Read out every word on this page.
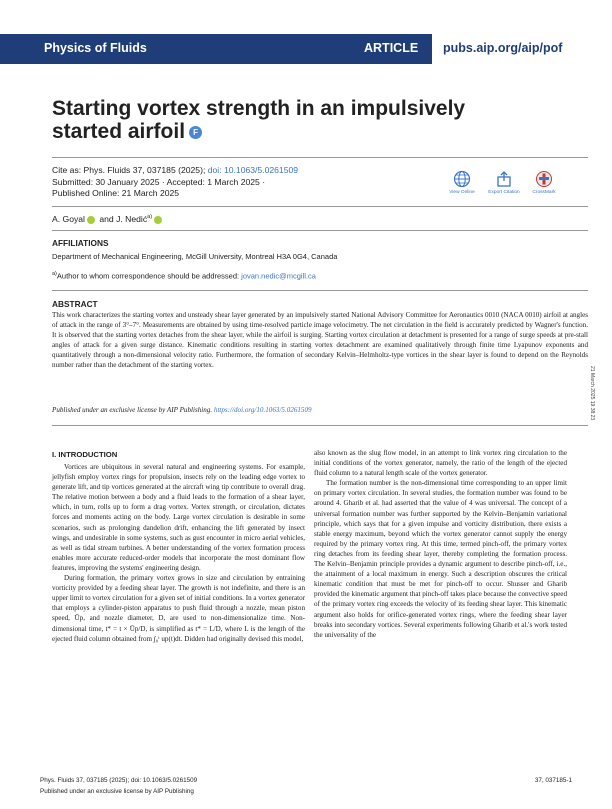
Physics of Fluids	ARTICLE pubs.aip.org/aip/pof
Starting vortex strength in an impulsively started airfoil F
Cite as: Phys. Fluids 37, 037185 (2025); doi: 10.1063/5.0261509
Submitted: 30 January 2025 · Accepted: 1 March 2025 ·
Published Online: 21 March 2025	View Online	Export Citation	CrossMark
A. Goyal and J. Nedić$^{a)}$
AFFILIATIONS
Department of Mechanical Engineering, McGill University, Montreal H3A 0G4, Canada
$^{a)}$Author to whom correspondence should be addressed: jovan.nedic@mcgill.ca
ABSTRACT
This work characterizes the starting vortex and unsteady shear layer generated by an impulsively started National Advisory Committee for Aeronautics 0010 (NACA 0010) airfoil at angles of attack in the range of 3°–7°. Measurements are obtained by using time-resolved particle image velocimetry. The net circulation in the field is accurately predicted by Wagner's function. It is observed that the starting vortex detaches from the shear layer, while the airfoil is surging. Starting vortex circulation at detachment is presented for a range of surge speeds at pre-stall angles of attack for a given surge distance. Kinematic conditions resulting in starting vortex detachment are examined qualitatively through finite time Lyapunov exponents and quantitatively through a non-dimensional velocity ratio. Furthermore, the formation of secondary Kelvin–Helmholtz-type vortices in the shear layer is found to depend on the Reynolds number rather than the detachment of the starting vortex.
Published under an exclusive license by AIP Publishing. https://doi.org/10.1063/5.0261509	21 March 2025 19:38:23
I. INTRODUCTION

Vortices are ubiquitous in several natural and engineering systems. For example, jellyfish employ vortex rings for propulsion, insects rely on the leading edge vortex to generate lift, and tip vortices generated at the aircraft wing tip contribute to overall drag. The relative motion between a body and a fluid leads to the formation of a shear layer, which, in turn, rolls up to form a drag vortex. Vortex strength, or circulation, dictates forces and moments acting on the body. Large vortex circulation is desirable in some scenarios, such as prolonging dandelion drift, enhancing the lift generated by insect wings, and undesirable in some systems, such as gust encounter in micro aerial vehicles, as well as tidal stream turbines. A better understanding of the vortex formation process enables more accurate reduced-order models that incorporate the most dominant flow features, improving the systems' engineering design.

During formation, the primary vortex grows in size and circulation by entraining vorticity provided by a feeding shear layer. The growth is not indefinite, and there is an upper limit to vortex circulation for a given set of initial conditions. In a vortex generator that employs a cylinder-piston apparatus to push fluid through a nozzle, mean piston speed, Ūp, and nozzle diameter, D, are used to non-dimensionalize time. Non-dimensional time, t* = t × Ūp/D, is simplified as t* = L/D, where L is the length of the ejected fluid column obtained from ∫₀ᵗ up(t)dt. Didden had originally devised this model,

also known as the slug flow model, in an attempt to link vortex ring circulation to the initial conditions of the vortex generator, namely, the ratio of the length of the ejected fluid column to a natural length scale of the vortex generator.

The formation number is the non-dimensional time corresponding to an upper limit on primary vortex circulation. In several studies, the formation number was found to be around 4. Gharib et al. had asserted that the value of 4 was universal. The concept of a universal formation number was further supported by the Kelvin–Benjamin variational principle, which says that for a given impulse and vorticity distribution, there exists a stable energy maximum, beyond which the vortex generator cannot supply the energy required by the primary vortex ring. At this time, termed pinch-off, the primary vortex ring detaches from its feeding shear layer, thereby completing the formation process. The Kelvin–Benjamin principle provides a dynamic argument to describe pinch-off, i.e., the attainment of a local maximum in energy. Such a description obscures the critical kinematic condition that must be met for pinch-off to occur. Shusser and Gharib provided the kinematic argument that pinch-off takes place because the convective speed of the primary vortex ring exceeds the velocity of its feeding shear layer. This kinematic argument also holds for orifice-generated vortex rings, where the feeding shear layer breaks into secondary vortices. Several experiments following Gharib et al.'s work tested the universality of the

Phys. Fluids 37, 037185 (2025); doi: 10.1063/5.0261509
Published under an exclusive license by AIP Publishing
37, 037185-1
